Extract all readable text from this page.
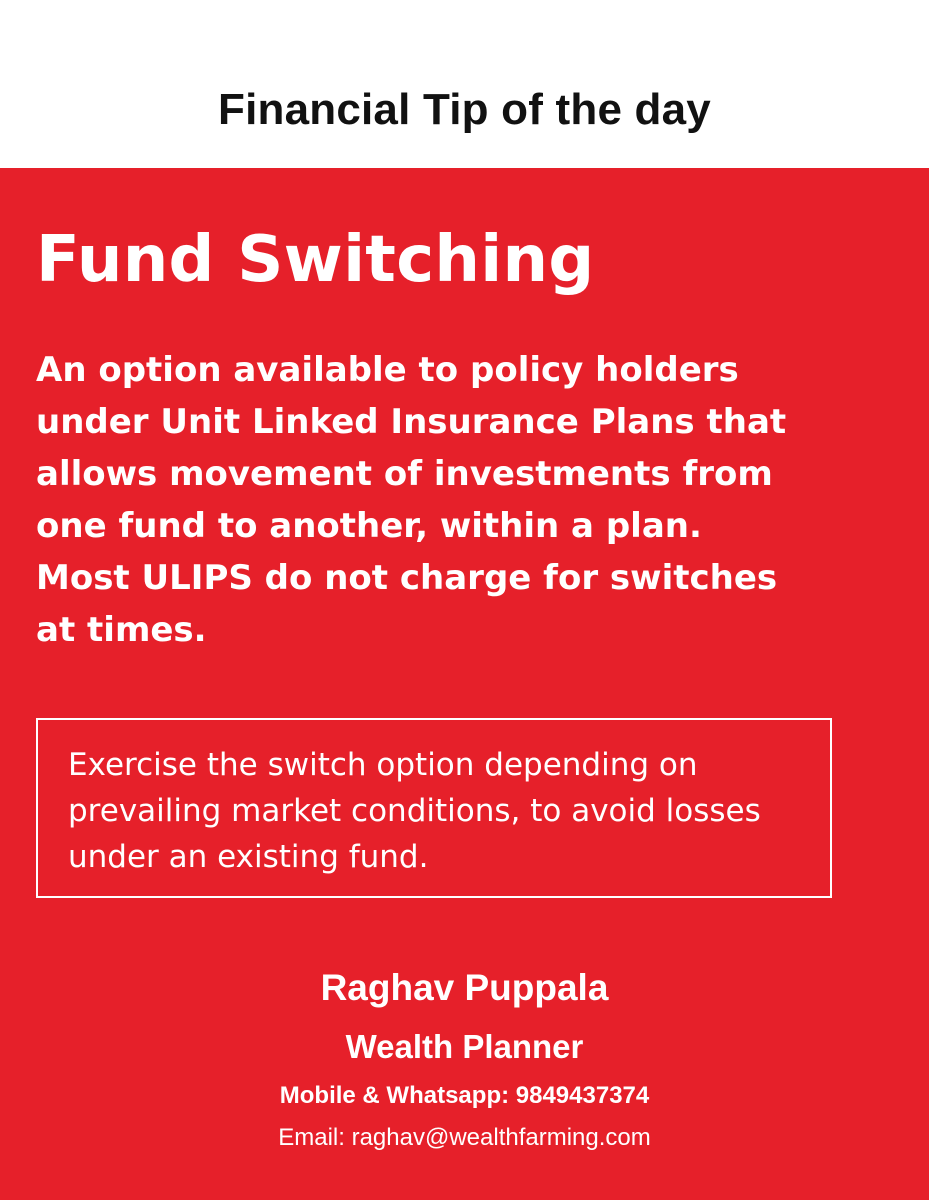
Financial Tip of the day
Fund Switching

An option available to policy holders
under Unit Linked Insurance Plans that
allows movement of investments from
one fund to another, within a plan.
Most ULIPS do not charge for switches
at times.

Exercise the switch option depending on
prevailing market conditions, to avoid losses
under an existing fund.

Raghav Puppala
Wealth Planner
Mobile & Whatsapp: 9849437374
Email: raghav@wealthfarming.com
